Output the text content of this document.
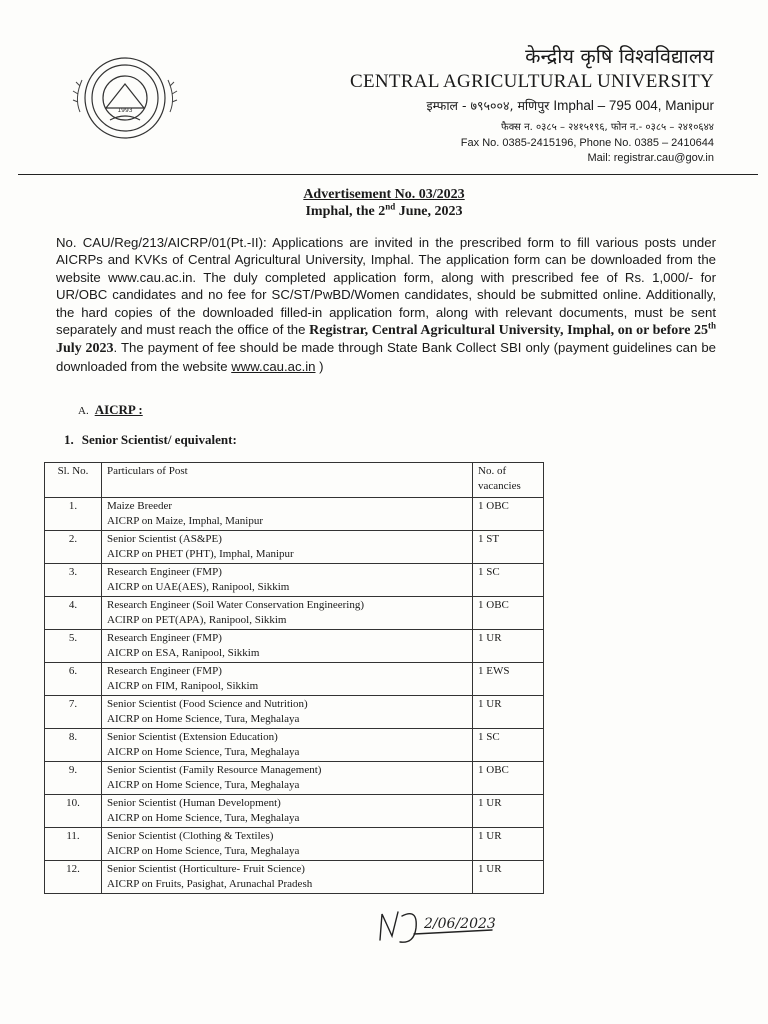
1993
केन्द्रीय कृषि विश्वविद्यालय
CENTRAL AGRICULTURAL UNIVERSITY
इम्फाल - ७९५००४, मणिपुर Imphal – 795 004, Manipur
फैक्स न. ०३८५ – २४१५१९६, फोन न.- ०३८५ – २४१०६४४
Fax No. 0385-2415196, Phone No. 0385 – 2410644
Mail: registrar.cau@gov.in
Advertisement No. 03/2023
Imphal, the 2nd June, 2023
No. CAU/Reg/213/AICRP/01(Pt.-II): Applications are invited in the prescribed form to fill various posts under AICRPs and KVKs of Central Agricultural University, Imphal. The application form can be downloaded from the website www.cau.ac.in. The duly completed application form, along with prescribed fee of Rs. 1,000/- for UR/OBC candidates and no fee for SC/ST/PwBD/Women candidates, should be submitted online. Additionally, the hard copies of the downloaded filled-in application form, along with relevant documents, must be sent separately and must reach the office of the Registrar, Central Agricultural University, Imphal, on or before 25th July 2023. The payment of fee should be made through State Bank Collect SBI only (payment guidelines can be downloaded from the website www.cau.ac.in )
A. AICRP :
1. Senior Scientist/ equivalent:
Sl. No.	Particulars of Post	No. of vacancies
1.	Maize Breeder
AICRP on Maize, Imphal, Manipur	1 OBC
2.	Senior Scientist (AS&PE)
AICRP on PHET (PHT), Imphal, Manipur	1 ST
3.	Research Engineer (FMP)
AICRP on UAE(AES), Ranipool, Sikkim	1 SC
4.	Research Engineer (Soil Water Conservation Engineering)
ACIRP on PET(APA), Ranipool, Sikkim	1 OBC
5.	Research Engineer (FMP)
AICRP on ESA, Ranipool, Sikkim	1 UR
6.	Research Engineer (FMP)
AICRP on FIM, Ranipool, Sikkim	1 EWS
7.	Senior Scientist (Food Science and Nutrition)
AICRP on Home Science, Tura, Meghalaya	1 UR
8.	Senior Scientist (Extension Education)
AICRP on Home Science, Tura, Meghalaya	1 SC
9.	Senior Scientist (Family Resource Management)
AICRP on Home Science, Tura, Meghalaya	1 OBC
10.	Senior Scientist (Human Development)
AICRP on Home Science, Tura, Meghalaya	1 UR
11.	Senior Scientist (Clothing & Textiles)
AICRP on Home Science, Tura, Meghalaya	1 UR
12.	Senior Scientist (Horticulture- Fruit Science)
AICRP on Fruits, Pasighat, Arunachal Pradesh	1 UR
2/06/2023
